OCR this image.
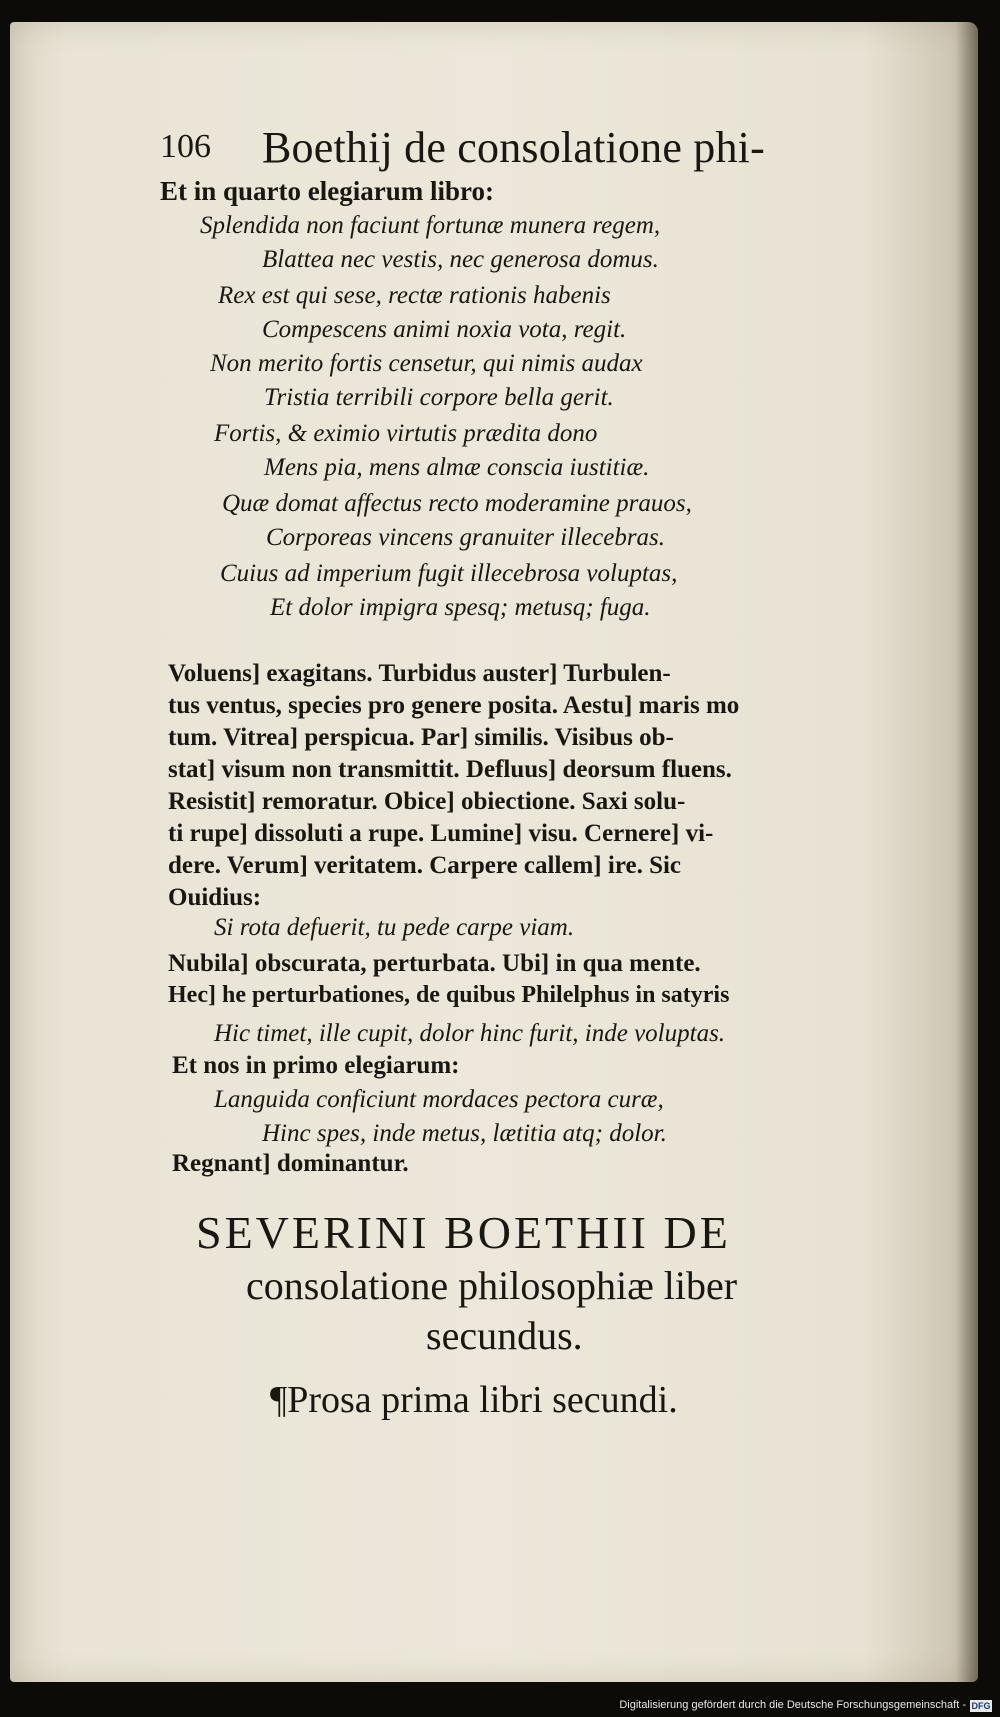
106 Boethij de consolatione phi-
Et in quarto elegiarum libro:
Splendida non faciunt fortunæ munera regem,
Blattea nec vestis, nec generosa domus.
Rex est qui sese, rectæ rationis habenis
Compescens animi noxia vota, regit.
Non merito fortis censetur, qui nimis audax
Tristia terribili corpore bella gerit.
Fortis, & eximio virtutis prædita dono
Mens pia, mens almæ conscia iustitiæ.
Quæ domat affectus recto moderamine prauos,
Corporeas vincens granuiter illecebras.
Cuius ad imperium fugit illecebrosa voluptas,
Et dolor impigra spesq; metusq; fuga.
Voluens] exagitans. Turbidus auster] Turbulen-
tus ventus, species pro genere posita. Aestu] maris mo
tum. Vitrea] perspicua. Par] similis. Visibus ob-
stat] visum non transmittit. Defluus] deorsum fluens.
Resistit] remoratur. Obice] obiectione. Saxi solu-
ti rupe] dissoluti a rupe. Lumine] visu. Cernere] vi-
dere. Verum] veritatem. Carpere callem] ire. Sic
Ouidius:
Si rota defuerit, tu pede carpe viam.
Nubila] obscurata, perturbata. Ubi] in qua mente.
Hec] he perturbationes, de quibus Philelphus in satyris
Hic timet, ille cupit, dolor hinc furit, inde voluptas.
Et nos in primo elegiarum:
Languida conficiunt mordaces pectora curæ,
Hinc spes, inde metus, lætitia atq; dolor.
Regnant] dominantur.
SEVERINI BOETHII DE
consolatione philosophiæ liber
secundus.
¶Prosa prima libri secundi.
Digitalisierung gefördert durch die Deutsche Forschungsgemeinschaft - DFG
